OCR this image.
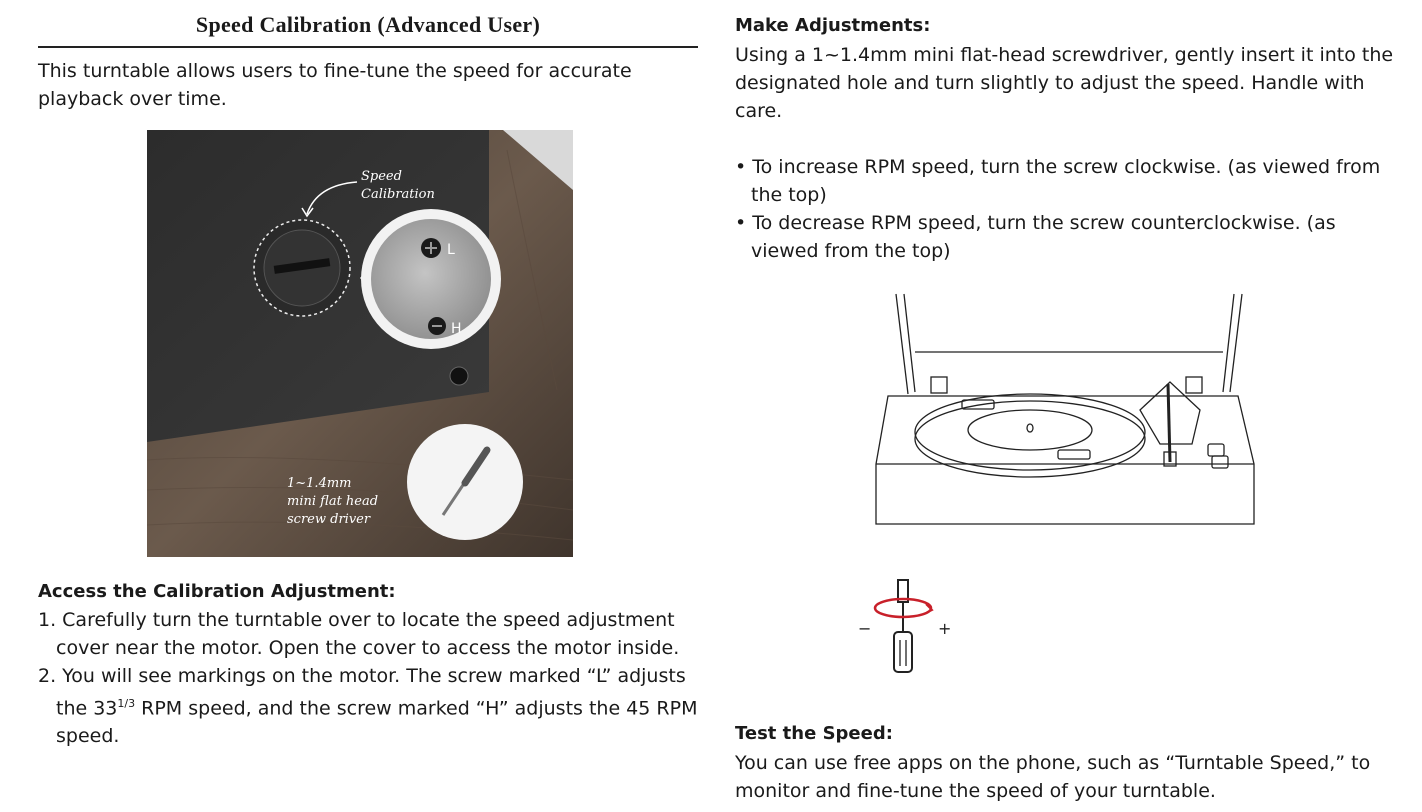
Speed Calibration (Advanced User)
This turntable allows users to fine-tune the speed for accurate playback over time.
Speed
Calibration
L
H
1~1.4mm
mini flat head
screw driver
Access the Calibration Adjustment:
1. Carefully turn the turntable over to locate the speed adjustment cover near the motor. Open the cover to access the motor inside.
2. You will see markings on the motor. The screw marked “L” adjusts the $33^{1/3}$ RPM speed, and the screw marked “H” adjusts the 45 RPM speed.
Make Adjustments:
Using a 1~1.4mm mini flat-head screwdriver, gently insert it into the designated hole and turn slightly to adjust the speed. Handle with care.
• To increase RPM speed, turn the screw clockwise. (as viewed from the top)
• To decrease RPM speed, turn the screw counterclockwise. (as viewed from the top)
−	+
Test the Speed:
You can use free apps on the phone, such as “Turntable Speed,” to monitor and fine-tune the speed of your turntable.
